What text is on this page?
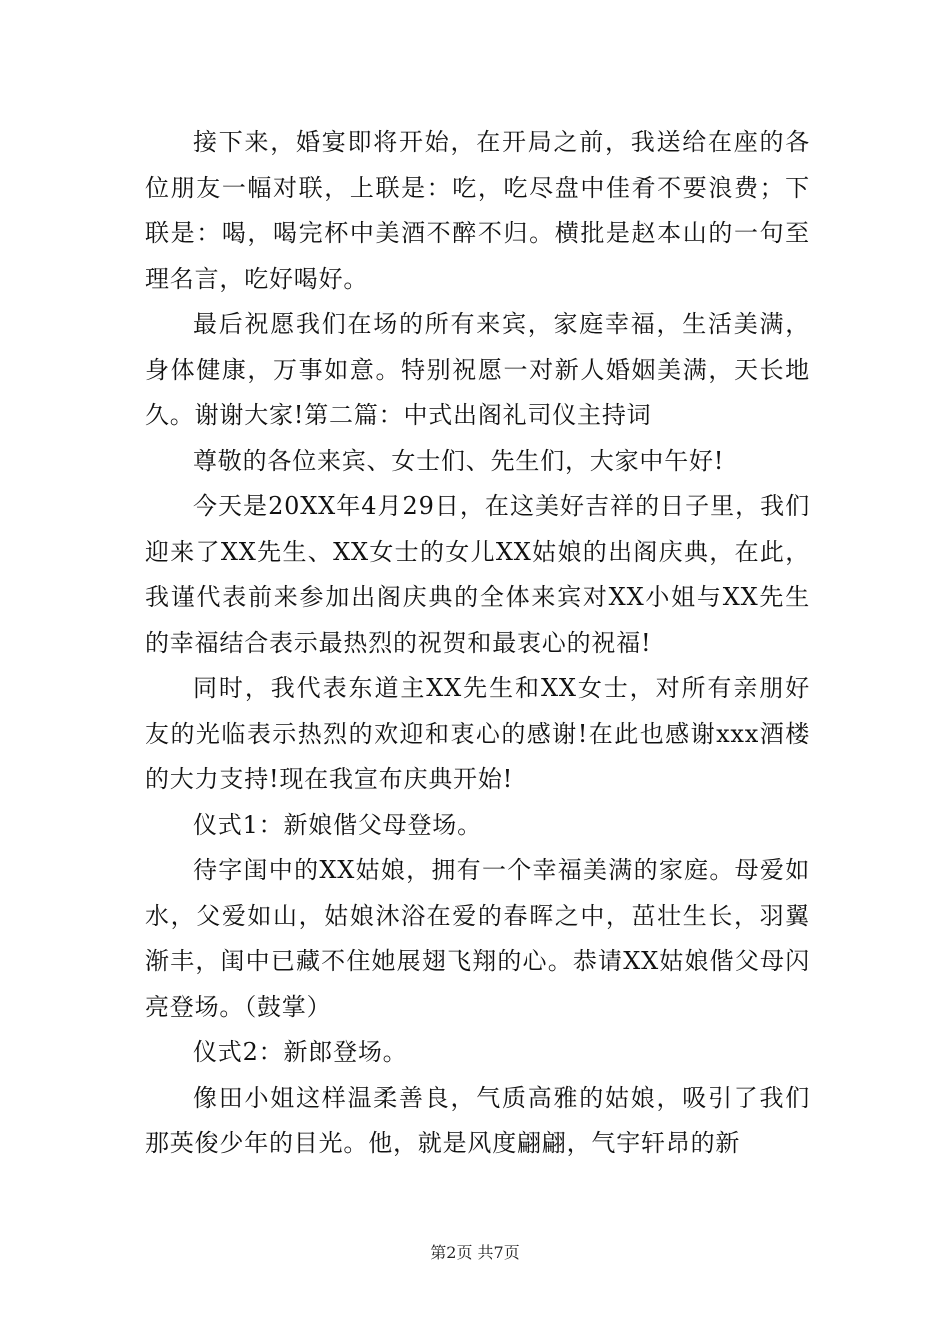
接下来，婚宴即将开始，在开局之前，我送给在座的各位朋友一幅对联，上联是：吃，吃尽盘中佳肴不要浪费；下联是：喝，喝完杯中美酒不醉不归。横批是赵本山的一句至理名言，吃好喝好。

最后祝愿我们在场的所有来宾，家庭幸福，生活美满，身体健康，万事如意。特别祝愿一对新人婚姻美满，天长地久。谢谢大家!第二篇：中式出阁礼司仪主持词

尊敬的各位来宾、女士们、先生们，大家中午好!

今天是20XX年4月29日，在这美好吉祥的日子里，我们迎来了XX先生、XX女士的女儿XX姑娘的出阁庆典，在此，我谨代表前来参加出阁庆典的全体来宾对XX小姐与XX先生的幸福结合表示最热烈的祝贺和最衷心的祝福!

同时，我代表东道主XX先生和XX女士，对所有亲朋好友的光临表示热烈的欢迎和衷心的感谢!在此也感谢xxx酒楼的大力支持!现在我宣布庆典开始!

仪式1：新娘偕父母登场。

待字闺中的XX姑娘，拥有一个幸福美满的家庭。母爱如水，父爱如山，姑娘沐浴在爱的春晖之中，茁壮生长，羽翼渐丰，闺中已藏不住她展翅飞翔的心。恭请XX姑娘偕父母闪亮登场。（鼓掌）

仪式2：新郎登场。

像田小姐这样温柔善良，气质高雅的姑娘，吸引了我们那英俊少年的目光。他，就是风度翩翩，气宇轩昂的新

第2页 共7页
